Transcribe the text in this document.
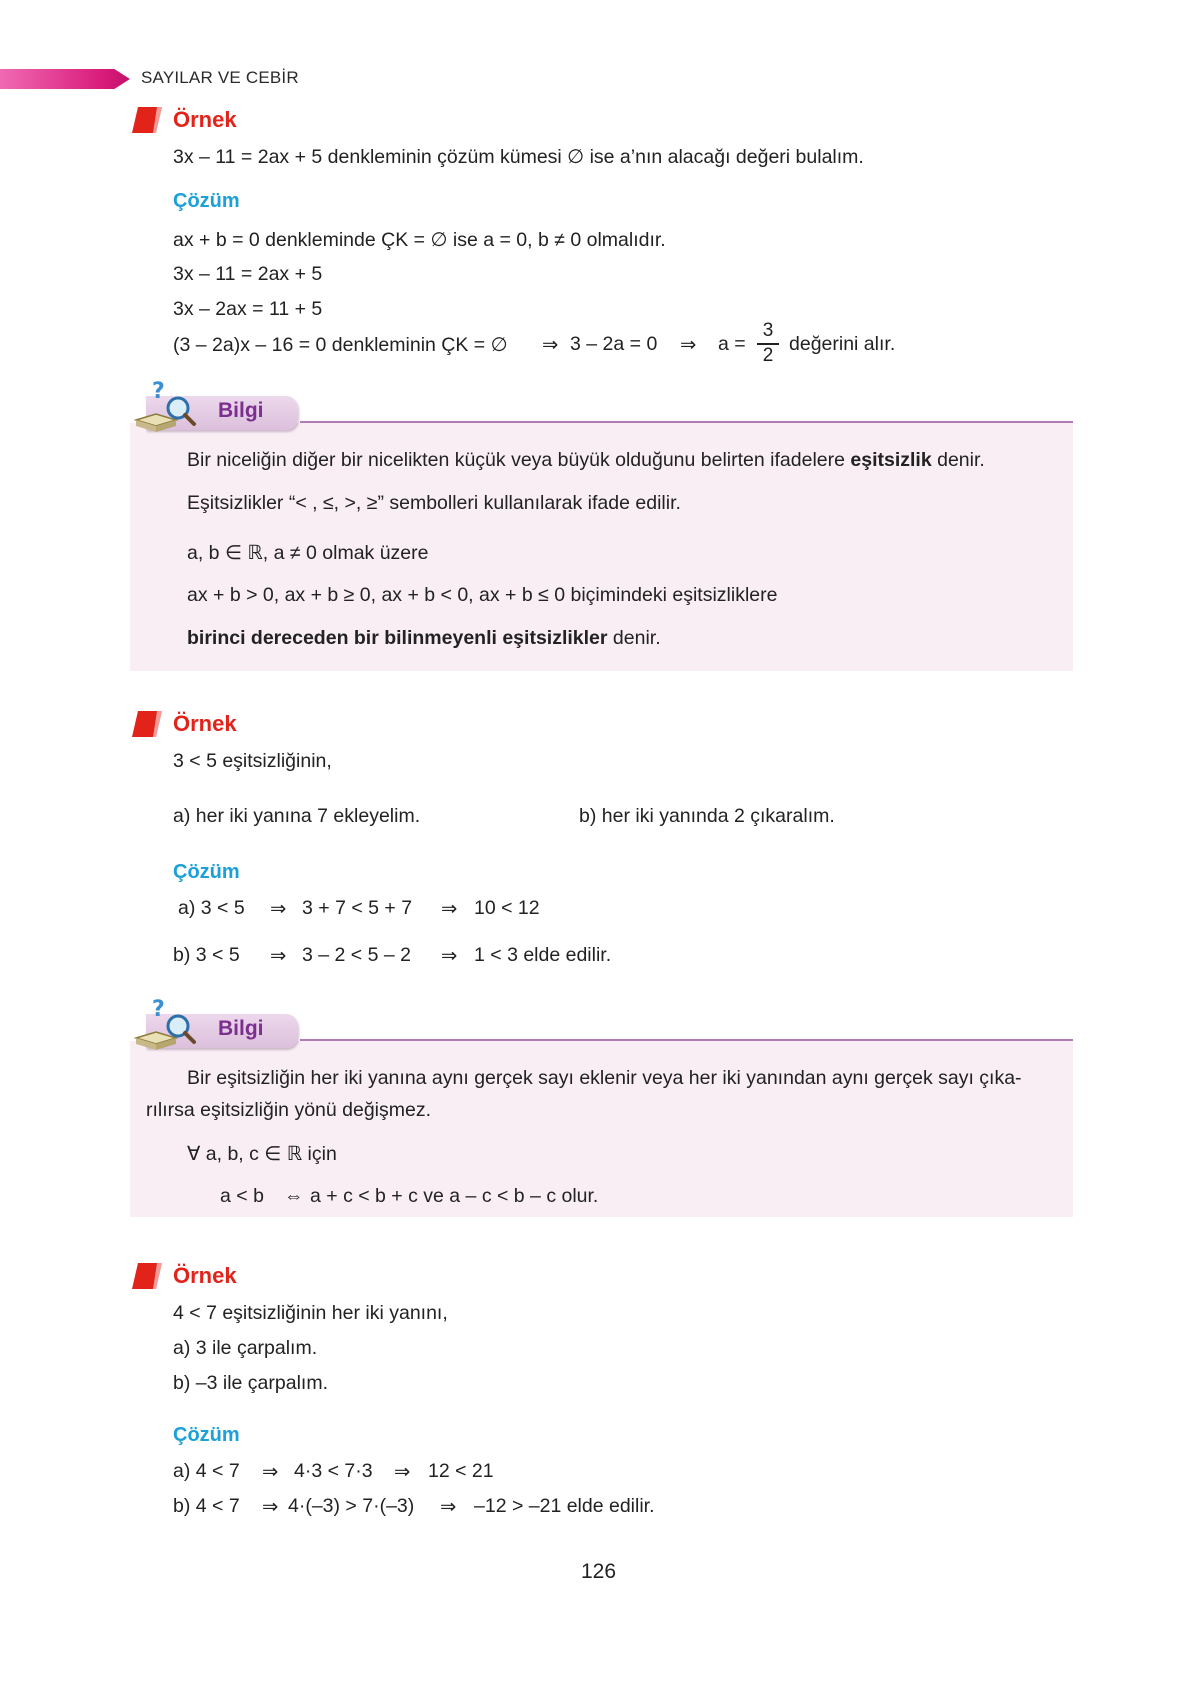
SAYILAR VE CEBİR
Örnek
3x – 11 = 2ax + 5 denkleminin çözüm kümesi ∅ ise a’nın alacağı değeri bulalım.
Çözüm
ax + b = 0 denkleminde ÇK = ∅ ise a = 0, b ≠ 0 olmalıdır.
3x – 11 = 2ax + 5
3x – 2ax = 11 + 5
(3 – 2a)x – 16 = 0 denkleminin ÇK = ∅ ⇒ 3 – 2a = 0 ⇒ a =
3
2
değerini alır.
Bilgi
?
Bir niceliğin diğer bir nicelikten küçük veya büyük olduğunu belirten ifadelere eşitsizlik denir.
Eşitsizlikler “< , ≤, >, ≥” sembolleri kullanılarak ifade edilir.
a, b ∈ ℝ, a ≠ 0 olmak üzere
ax + b > 0, ax + b ≥ 0, ax + b < 0, ax + b ≤ 0 biçimindeki eşitsizliklere
birinci dereceden bir bilinmeyenli eşitsizlikler denir.
Örnek
3 < 5 eşitsizliğinin,
a) her iki yanına 7 ekleyelim.	b) her iki yanında 2 çıkaralım.
Çözüm
a) 3 < 5 ⇒ 3 + 7 < 5 + 7 ⇒ 10 < 12
b) 3 < 5 ⇒ 3 – 2 < 5 – 2 ⇒ 1 < 3 elde edilir.
Bilgi
?
Bir eşitsizliğin her iki yanına aynı gerçek sayı eklenir veya her iki yanından aynı gerçek sayı çıka-
rılırsa eşitsizliğin yönü değişmez.
∀ a, b, c ∈ ℝ için
a < b ⇔ a + c < b + c ve a – c < b – c olur.
Örnek
4 < 7 eşitsizliğinin her iki yanını,
a) 3 ile çarpalım.
b) –3 ile çarpalım.
Çözüm
a) 4 < 7 ⇒ 4·3 < 7·3 ⇒ 12 < 21
b) 4 < 7 ⇒ 4·(–3) > 7·(–3) ⇒ –12 > –21 elde edilir.
126
